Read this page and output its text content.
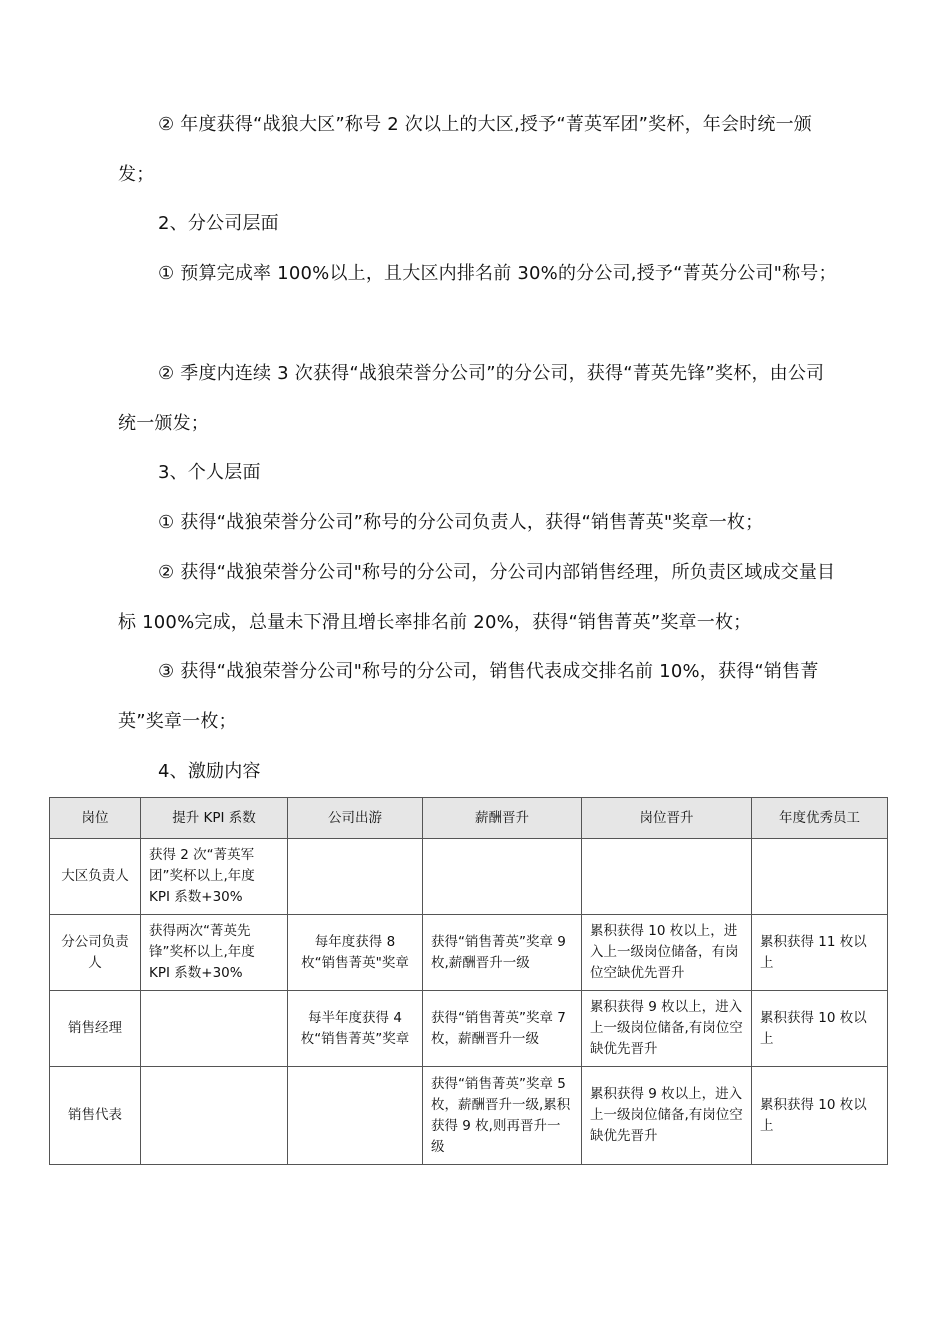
② 年度获得“战狼大区”称号 2 次以上的大区,授予“菁英军团”奖杯，年会时统一颁发；
2、分公司层面
① 预算完成率 100%以上，且大区内排名前 30%的分公司,授予“菁英分公司"称号；
② 季度内连续 3 次获得“战狼荣誉分公司”的分公司，获得“菁英先锋”奖杯，由公司统一颁发；
3、个人层面
① 获得“战狼荣誉分公司”称号的分公司负责人，获得“销售菁英"奖章一枚；
② 获得“战狼荣誉分公司"称号的分公司，分公司内部销售经理，所负责区域成交量目标 100%完成，总量未下滑且增长率排名前 20%，获得“销售菁英”奖章一枚；
③ 获得“战狼荣誉分公司"称号的分公司，销售代表成交排名前 10%，获得“销售菁英”奖章一枚；
4、激励内容
岗位	提升 KPI 系数	公司出游	薪酬晋升	岗位晋升	年度优秀员工
大区负责人	获得 2 次“菁英军团”奖杯以上,年度 KPI 系数+30%				
分公司负责人	获得两次“菁英先锋”奖杯以上,年度 KPI 系数+30%	每年度获得 8 枚“销售菁英"奖章	获得“销售菁英”奖章 9 枚,薪酬晋升一级	累积获得 10 枚以上，进入上一级岗位储备，有岗位空缺优先晋升	累积获得 11 枚以上
销售经理		每半年度获得 4 枚“销售菁英”奖章	获得“销售菁英”奖章 7 枚，薪酬晋升一级	累积获得 9 枚以上，进入上一级岗位储备,有岗位空缺优先晋升	累积获得 10 枚以上
销售代表			获得“销售菁英”奖章 5 枚，薪酬晋升一级,累积获得 9 枚,则再晋升一级	累积获得 9 枚以上，进入上一级岗位储备,有岗位空缺优先晋升	累积获得 10 枚以上
